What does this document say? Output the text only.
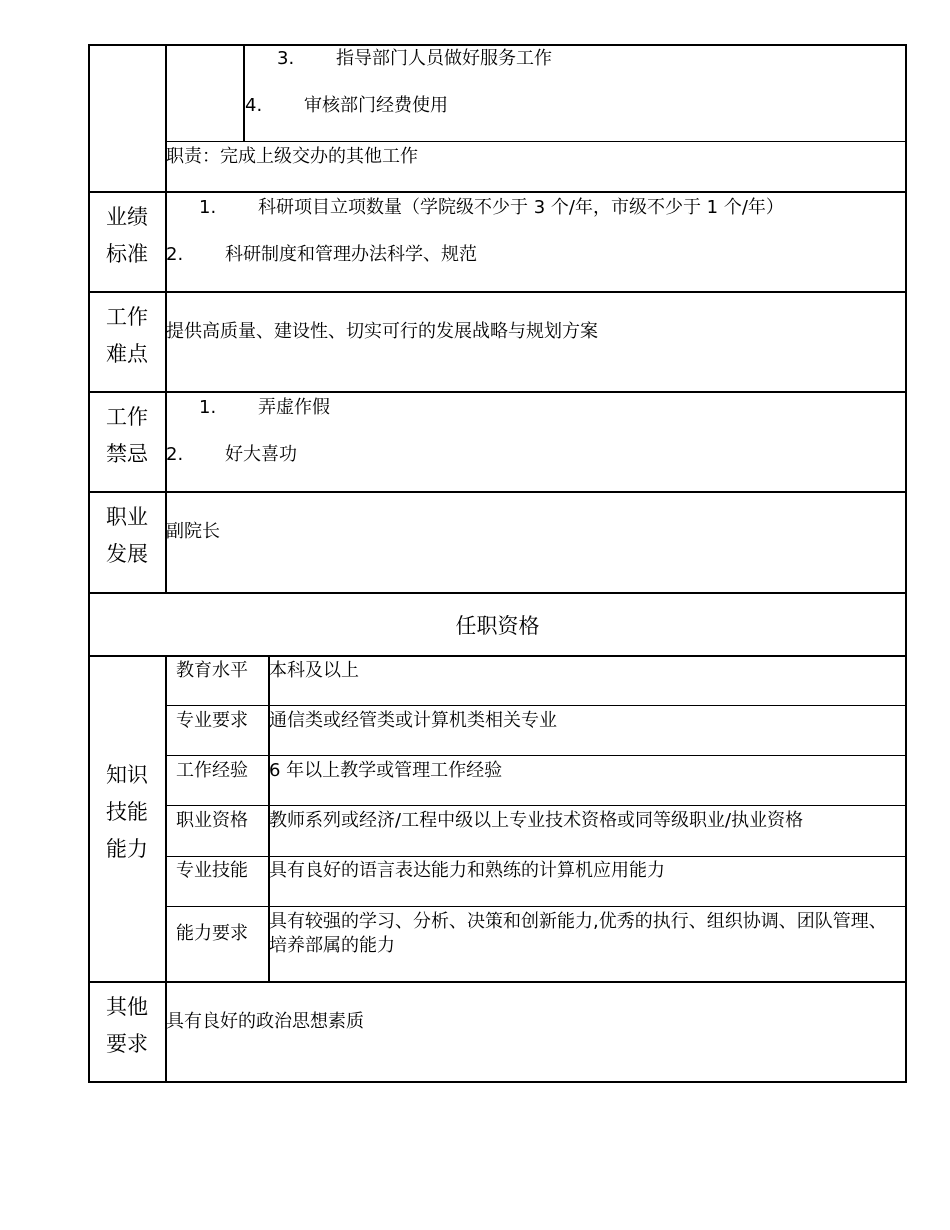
3. 指导部门人员做好服务工作
4. 审核部门经费使用
职责：完成上级交办的其他工作
业绩
标准
1. 科研项目立项数量（学院级不少于 3 个/年，市级不少于 1 个/年）
2. 科研制度和管理办法科学、规范
工作
难点
提供高质量、建设性、切实可行的发展战略与规划方案
工作
禁忌
1. 弄虚作假
2. 好大喜功
职业
发展
副院长
任职资格
知识
技能
能力
教育水平 本科及以上
专业要求 通信类或经管类或计算机类相关专业
工作经验 6 年以上教学或管理工作经验
职业资格 教师系列或经济/工程中级以上专业技术资格或同等级职业/执业资格
专业技能 具有良好的语言表达能力和熟练的计算机应用能力
能力要求
具有较强的学习、分析、决策和创新能力,优秀的执行、组织协调、团队管理、培养部属的能力
其他
要求
具有良好的政治思想素质
